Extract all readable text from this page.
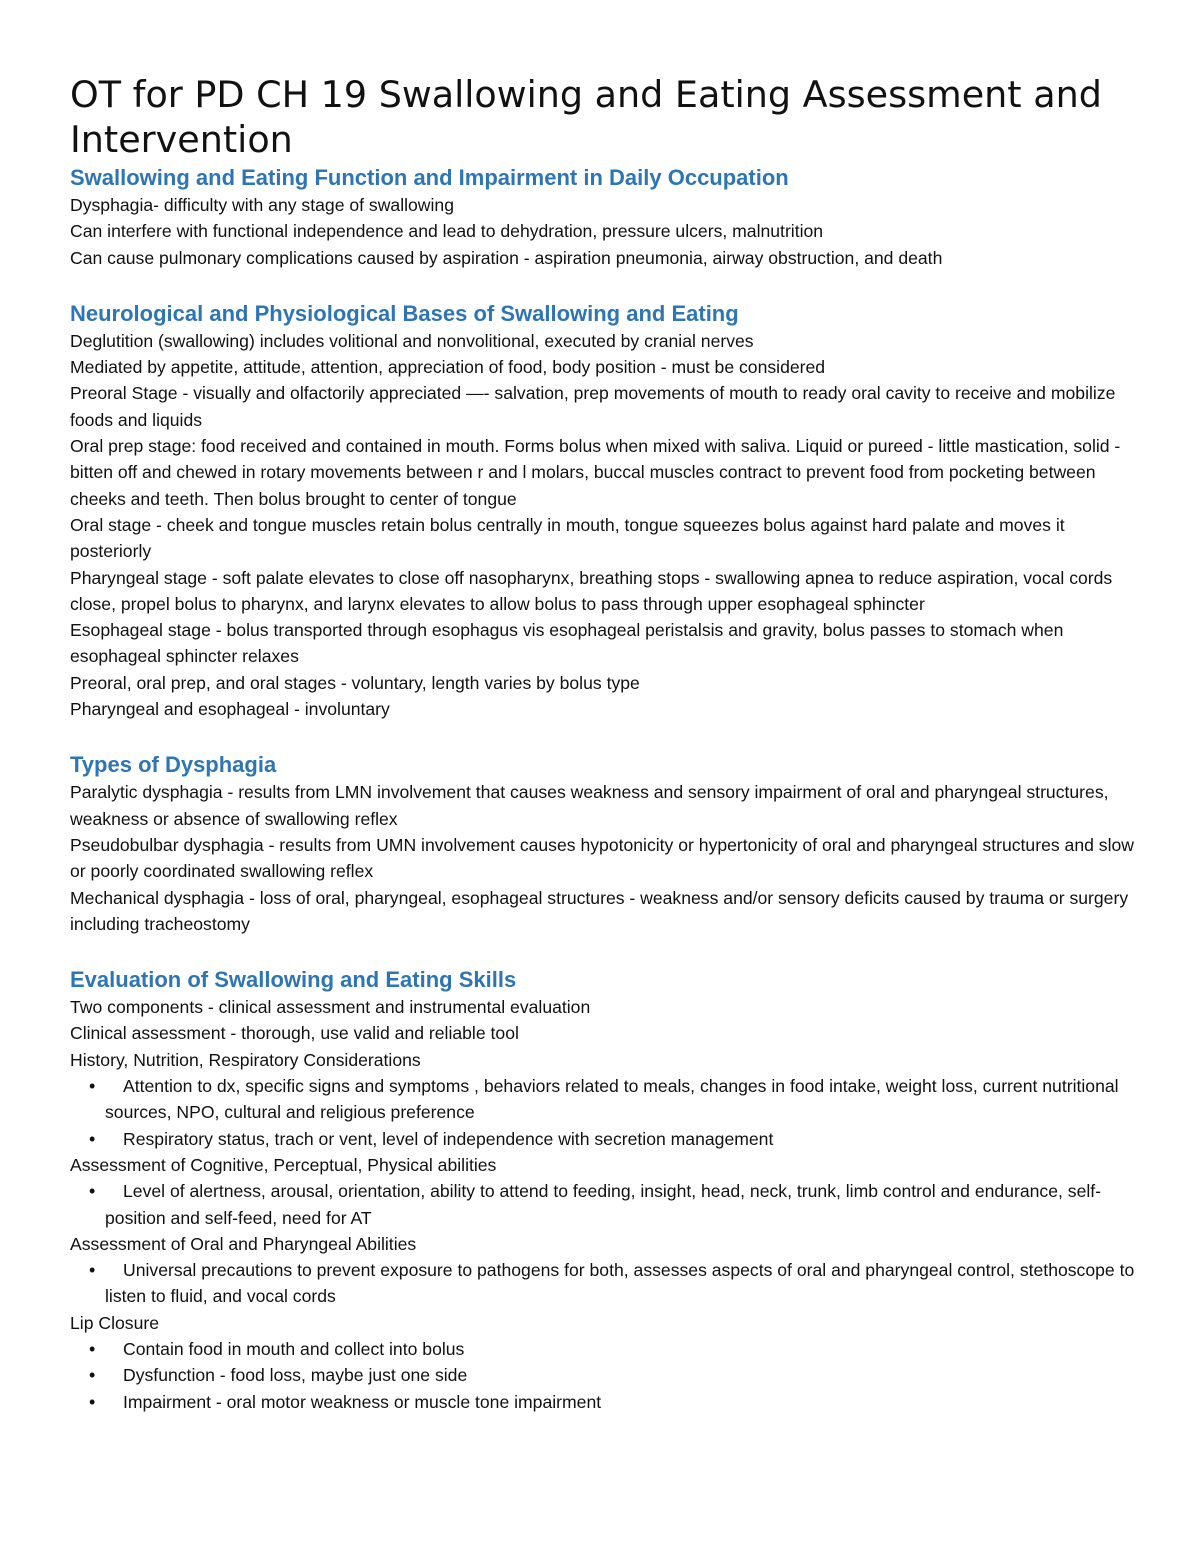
OT for PD CH 19 Swallowing and Eating Assessment and Intervention
Swallowing and Eating Function and Impairment in Daily Occupation

Dysphagia- difficulty with any stage of swallowing

Can interfere with functional independence and lead to dehydration, pressure ulcers, malnutrition

Can cause pulmonary complications caused by aspiration - aspiration pneumonia, airway obstruction, and death

Neurological and Physiological Bases of Swallowing and Eating

Deglutition (swallowing) includes volitional and nonvolitional, executed by cranial nerves

Mediated by appetite, attitude, attention, appreciation of food, body position - must be considered

Preoral Stage - visually and olfactorily appreciated —- salvation, prep movements of mouth to ready oral cavity to receive and mobilize foods and liquids

Oral prep stage: food received and contained in mouth. Forms bolus when mixed with saliva. Liquid or pureed - little mastication, solid - bitten off and chewed in rotary movements between r and l molars, buccal muscles contract to prevent food from pocketing between cheeks and teeth. Then bolus brought to center of tongue

Oral stage - cheek and tongue muscles retain bolus centrally in mouth, tongue squeezes bolus against hard palate and moves it posteriorly

Pharyngeal stage - soft palate elevates to close off nasopharynx, breathing stops - swallowing apnea to reduce aspiration, vocal cords close, propel bolus to pharynx, and larynx elevates to allow bolus to pass through upper esophageal sphincter

Esophageal stage - bolus transported through esophagus vis esophageal peristalsis and gravity, bolus passes to stomach when esophageal sphincter relaxes

Preoral, oral prep, and oral stages - voluntary, length varies by bolus type

Pharyngeal and esophageal - involuntary

Types of Dysphagia

Paralytic dysphagia - results from LMN involvement that causes weakness and sensory impairment of oral and pharyngeal structures, weakness or absence of swallowing reflex

Pseudobulbar dysphagia - results from UMN involvement causes hypotonicity or hypertonicity of oral and pharyngeal structures and slow or poorly coordinated swallowing reflex

Mechanical dysphagia - loss of oral, pharyngeal, esophageal structures - weakness and/or sensory deficits caused by trauma or surgery including tracheostomy

Evaluation of Swallowing and Eating Skills

Two components - clinical assessment and instrumental evaluation

Clinical assessment - thorough, use valid and reliable tool

History, Nutrition, Respiratory Considerations

•	Attention to dx, specific signs and symptoms , behaviors related to meals, changes in food intake, weight loss, current nutritional sources, NPO, cultural and religious preference
•	Respiratory status, trach or vent, level of independence with secretion management

Assessment of Cognitive, Perceptual, Physical abilities

•	Level of alertness, arousal, orientation, ability to attend to feeding, insight, head, neck, trunk, limb control and endurance, self-position and self-feed, need for AT

Assessment of Oral and Pharyngeal Abilities

•	Universal precautions to prevent exposure to pathogens for both, assesses aspects of oral and pharyngeal control, stethoscope to listen to fluid, and vocal cords

Lip Closure

•	Contain food in mouth and collect into bolus
•	Dysfunction - food loss, maybe just one side
•	Impairment - oral motor weakness or muscle tone impairment
